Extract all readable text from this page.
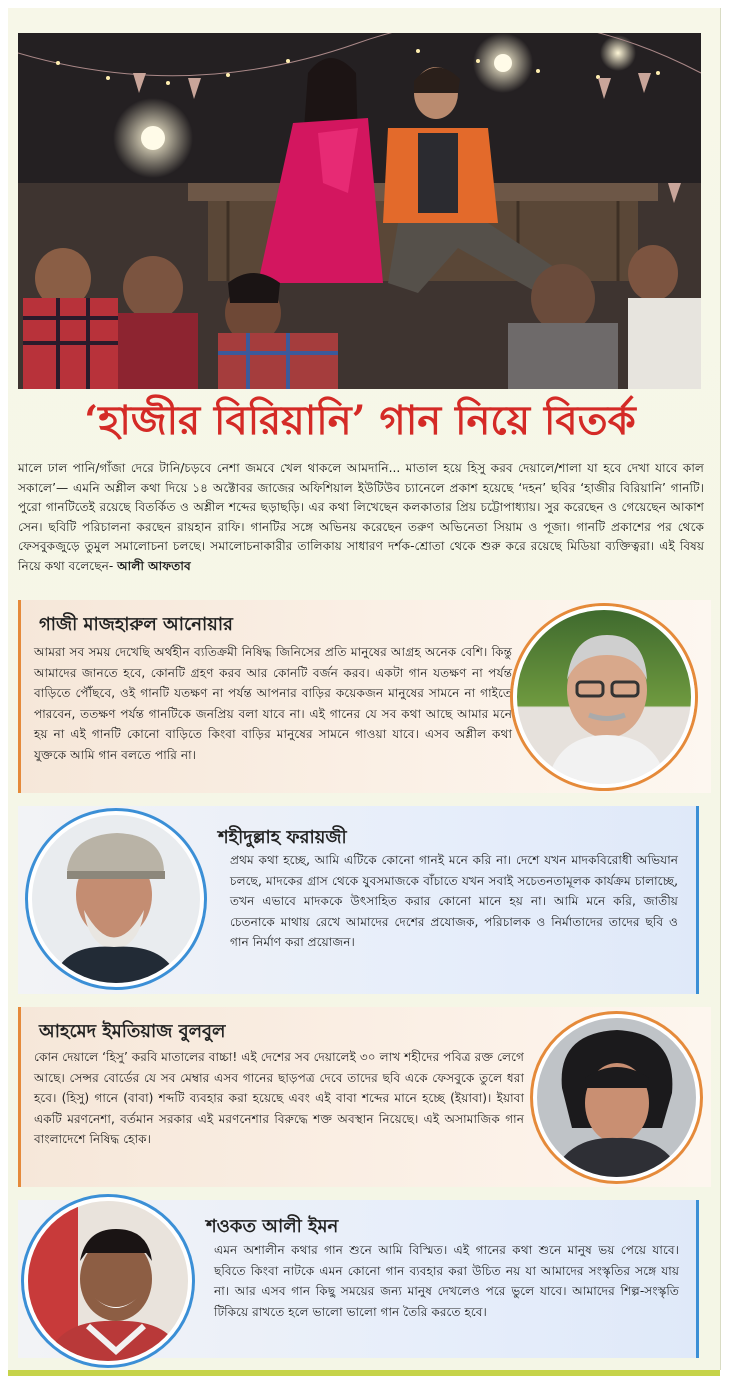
‘হাজীর বিরিয়ানি’ গান নিয়ে বিতর্ক
মালে ঢাল পানি/গাঁজা দেরে টানি/চড়বে নেশা জমবে খেল থাকলে আমদানি... মাতাল হয়ে হিসু করব দেয়ালে/শালা যা হবে দেখা যাবে কাল সকালে’— এমনি অশ্লীল কথা দিয়ে ১৪ অক্টোবর জাজের অফিশিয়াল ইউটিউব চ্যানেলে প্রকাশ হয়েছে ‘দহন’ ছবির ‘হাজীর বিরিয়ানি’ গানটি। পুরো গানটিতেই রয়েছে বিতর্কিত ও অশ্লীল শব্দের ছড়াছড়ি। এর কথা লিখেছেন কলকাতার প্রিয় চট্টোপাধ্যায়। সুর করেছেন ও গেয়েছেন আকাশ সেন। ছবিটি পরিচালনা করছেন রায়হান রাফি। গানটির সঙ্গে অভিনয় করেছেন তরুণ অভিনেতা সিয়াম ও পূজা। গানটি প্রকাশের পর থেকে ফেসবুকজুড়ে তুমুল সমালোচনা চলছে। সমালোচনাকারীর তালিকায় সাধারণ দর্শক-শ্রোতা থেকে শুরু করে রয়েছে মিডিয়া ব্যক্তিত্বরা। এই বিষয় নিয়ে কথা বলেছেন- আলী আফতাব
গাজী মাজহারুল আনোয়ার
আমরা সব সময় দেখেছি অর্থহীন ব্যতিক্রমী নিষিদ্ধ জিনিসের প্রতি মানুষের আগ্রহ অনেক বেশি। কিন্তু আমাদের জানতে হবে, কোনটি গ্রহণ করব আর কোনটি বর্জন করব। একটা গান যতক্ষণ না পর্যন্ত বাড়িতে পৌঁছবে, ওই গানটি যতক্ষণ না পর্যন্ত আপনার বাড়ির কয়েকজন মানুষের সামনে না গাইতে পারবেন, ততক্ষণ পর্যন্ত গানটিকে জনপ্রিয় বলা যাবে না। এই গানের যে সব কথা আছে আমার মনে হয় না এই গানটি কোনো বাড়িতে কিংবা বাড়ির মানুষের সামনে গাওয়া যাবে। এসব অশ্লীল কথা যুক্তকে আমি গান বলতে পারি না।
শহীদুল্লাহ ফরায়জী
প্রথম কথা হচ্ছে, আমি এটিকে কোনো গানই মনে করি না। দেশে যখন মাদকবিরোধী অভিযান চলছে, মাদকের গ্রাস থেকে যুবসমাজকে বাঁচাতে যখন সবাই সচেতনতামূলক কার্যক্রম চালাচ্ছে, তখন এভাবে মাদককে উৎসাহিত করার কোনো মানে হয় না। আমি মনে করি, জাতীয় চেতনাকে মাথায় রেখে আমাদের দেশের প্রযোজক, পরিচালক ও নির্মাতাদের তাদের ছবি ও গান নির্মাণ করা প্রয়োজন।
আহমেদ ইমতিয়াজ বুলবুল
কোন দেয়ালে ‘হিসু’ করবি মাতালের বাচ্চা! এই দেশের সব দেয়ালেই ৩০ লাখ শহীদের পবিত্র রক্ত লেগে আছে। সেন্সর বোর্ডের যে সব মেম্বার এসব গানের ছাড়পত্র দেবে তাদের ছবি একে ফেসবুকে তুলে ধরা হবে। (হিসু) গানে (বাবা) শব্দটি ব্যবহার করা হয়েছে এবং এই বাবা শব্দের মানে হচ্ছে (ইয়াবা)। ইয়াবা একটি মরণনেশা, বর্তমান সরকার এই মরণনেশার বিরুদ্ধে শক্ত অবস্থান নিয়েছে। এই অসামাজিক গান বাংলাদেশে নিষিদ্ধ হোক।
শওকত আলী ইমন
এমন অশালীন কথার গান শুনে আমি বিস্মিত। এই গানের কথা শুনে মানুষ ভয় পেয়ে যাবে। ছবিতে কিংবা নাটকে এমন কোনো গান ব্যবহার করা উচিত নয় যা আমাদের সংস্কৃতির সঙ্গে যায় না। আর এসব গান কিছু সময়ের জন্য মানুষ দেখলেও পরে ভুলে যাবে। আমাদের শিল্প-সংস্কৃতি টিকিয়ে রাখতে হলে ভালো ভালো গান তৈরি করতে হবে।
